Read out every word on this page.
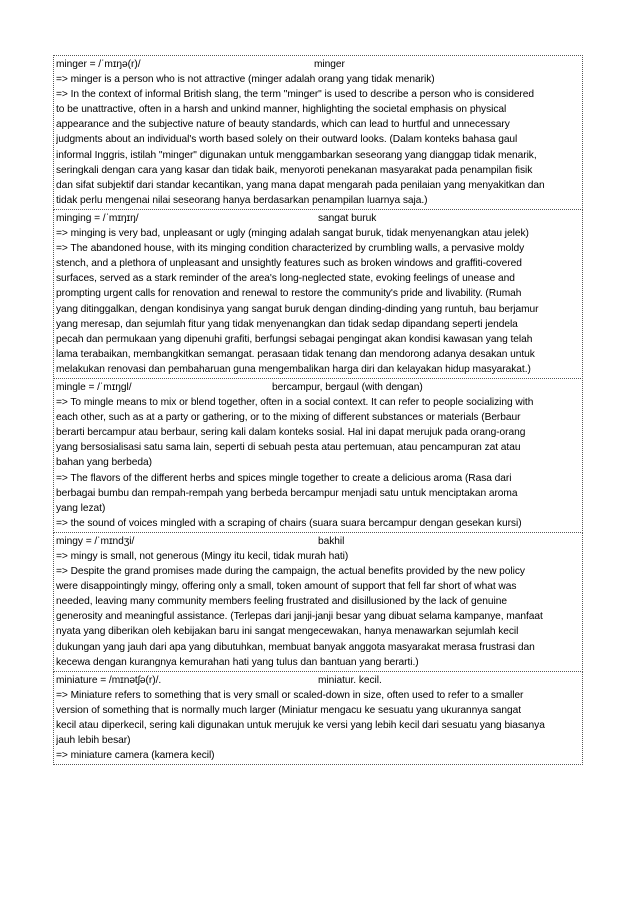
minger = /ˈmɪŋə(r)/	minger
=> minger is a person who is not attractive (minger adalah orang yang tidak menarik)
=> In the context of informal British slang, the term "minger" is used to describe a person who is considered
to be unattractive, often in a harsh and unkind manner, highlighting the societal emphasis on physical
appearance and the subjective nature of beauty standards, which can lead to hurtful and unnecessary
judgments about an individual's worth based solely on their outward looks. (Dalam konteks bahasa gaul
informal Inggris, istilah "minger" digunakan untuk menggambarkan seseorang yang dianggap tidak menarik,
seringkali dengan cara yang kasar dan tidak baik, menyoroti penekanan masyarakat pada penampilan fisik
dan sifat subjektif dari standar kecantikan, yang mana dapat mengarah pada penilaian yang menyakitkan dan
tidak perlu mengenai nilai seseorang hanya berdasarkan penampilan luarnya saja.)
minging = /ˈmɪŋɪŋ/	sangat buruk
=> minging is very bad, unpleasant or ugly (minging adalah sangat buruk, tidak menyenangkan atau jelek)
=> The abandoned house, with its minging condition characterized by crumbling walls, a pervasive moldy
stench, and a plethora of unpleasant and unsightly features such as broken windows and graffiti-covered
surfaces, served as a stark reminder of the area's long-neglected state, evoking feelings of unease and
prompting urgent calls for renovation and renewal to restore the community's pride and livability. (Rumah
yang ditinggalkan, dengan kondisinya yang sangat buruk dengan dinding-dinding yang runtuh, bau berjamur
yang meresap, dan sejumlah fitur yang tidak menyenangkan dan tidak sedap dipandang seperti jendela
pecah dan permukaan yang dipenuhi grafiti, berfungsi sebagai pengingat akan kondisi kawasan yang telah
lama terabaikan, membangkitkan semangat. perasaan tidak tenang dan mendorong adanya desakan untuk
melakukan renovasi dan pembaharuan guna mengembalikan harga diri dan kelayakan hidup masyarakat.)
mingle = /ˈmɪŋgl/	bercampur, bergaul (with dengan)
=> To mingle means to mix or blend together, often in a social context. It can refer to people socializing with
each other, such as at a party or gathering, or to the mixing of different substances or materials (Berbaur
berarti bercampur atau berbaur, sering kali dalam konteks sosial. Hal ini dapat merujuk pada orang-orang
yang bersosialisasi satu sama lain, seperti di sebuah pesta atau pertemuan, atau pencampuran zat atau
bahan yang berbeda)
=> The flavors of the different herbs and spices mingle together to create a delicious aroma (Rasa dari
berbagai bumbu dan rempah-rempah yang berbeda bercampur menjadi satu untuk menciptakan aroma
yang lezat)
=> the sound of voices mingled with a scraping of chairs (suara suara bercampur dengan gesekan kursi)
mingy = /ˈmɪndʒi/	bakhil
=> mingy is small, not generous (Mingy itu kecil, tidak murah hati)
=> Despite the grand promises made during the campaign, the actual benefits provided by the new policy
were disappointingly mingy, offering only a small, token amount of support that fell far short of what was
needed, leaving many community members feeling frustrated and disillusioned by the lack of genuine
generosity and meaningful assistance. (Terlepas dari janji-janji besar yang dibuat selama kampanye, manfaat
nyata yang diberikan oleh kebijakan baru ini sangat mengecewakan, hanya menawarkan sejumlah kecil
dukungan yang jauh dari apa yang dibutuhkan, membuat banyak anggota masyarakat merasa frustrasi dan
kecewa dengan kurangnya kemurahan hati yang tulus dan bantuan yang berarti.)
miniature = /mɪnətʃə(r)/.	miniatur. kecil.
=> Miniature refers to something that is very small or scaled-down in size, often used to refer to a smaller
version of something that is normally much larger (Miniatur mengacu ke sesuatu yang ukurannya sangat
kecil atau diperkecil, sering kali digunakan untuk merujuk ke versi yang lebih kecil dari sesuatu yang biasanya
jauh lebih besar)
=> miniature camera (kamera kecil)
